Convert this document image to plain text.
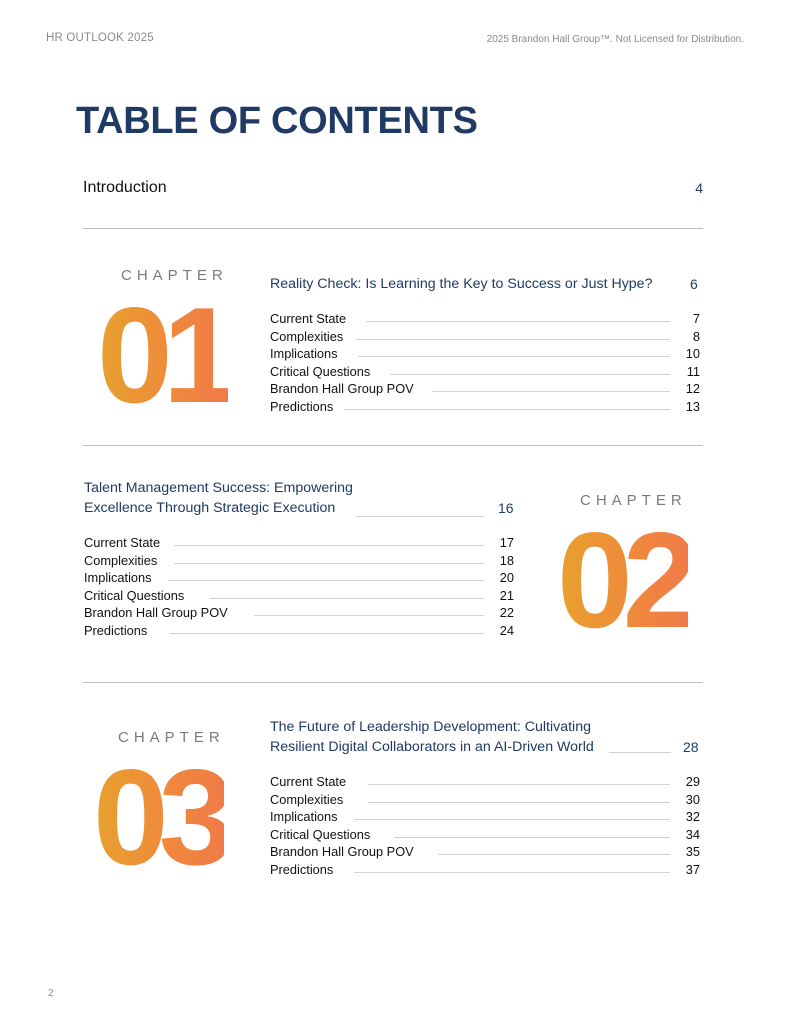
HR OUTLOOK 2025	2025 Brandon Hall Group™. Not Licensed for Distribution.
TABLE OF CONTENTS
Introduction	4
CHAPTER
01	Reality Check: Is Learning the Key to Success or Just Hype?	6
Current State	7
Complexities	8
Implications	10
Critical Questions	11
Brandon Hall Group POV	12
Predictions	13
Talent Management Success: Empowering
Excellence Through Strategic Execution	16	CHAPTER
02
Current State	17
Complexities	18
Implications	20
Critical Questions	21
Brandon Hall Group POV	22
Predictions	24
CHAPTER
03
The Future of Leadership Development: Cultivating
Resilient Digital Collaborators in an AI-Driven World	28
Current State	29
Complexities	30
Implications	32
Critical Questions	34
Brandon Hall Group POV	35
Predictions	37
2
